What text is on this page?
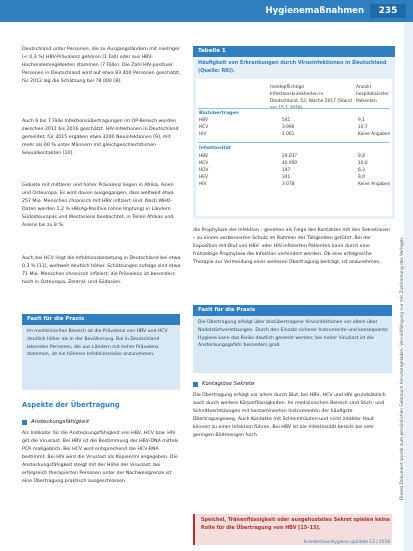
Hygienemaßnahmen	235
Dieses Dokument wurde zum persönlichen Gebrauch heruntergeladen. Vervielfältigung nur mit Zustimmung des Verlages.
Deutschland unter Personen, die zu Ausgangsländern mit niedriger (< 0,3 %) HBV-Prävalenz gehören (1 Fall) oder aus HBV-Hochendemiegebieten stammen (7 Fälle). Die Zahl HIV-positiver Personen in Deutschland wird auf etwa 83 400 Personen geschätzt, für 2012 lag die Schätzung bei 78 000 [8].
Auch 6 bis 7 Fälle Infektionsübertragungen im OP-Bereich wurden zwischen 2011 bis 2016 geschätzt. HIV-Infektionen in Deutschland gemeldet, für 2015 ergaben etwa 3200 Neuinfektionen [9], mit mehr als 60 % unter Männern mit gleichgeschlechtlichen Sexualkontakten [10].
Gebiete mit mittlerer und hoher Prävalenz liegen in Afrika, Asien und Osteuropa. Es wird davon ausgegangen, dass weltweit etwa 257 Mio. Menschen chronisch mit HBV infiziert sind. Nach WHO-Daten werden 1,2 % HBsAg-Positive (ohne Impfung) in Ländern Südosteuropas und Westasiens beobachtet, in Teilen Afrikas und Asiens bis zu 8 %.
Auch bei HCV liegt die Infektionsbelastung in Deutschland bei etwa 0,3 % [11], weltweit deutlich höher. Schätzungen zufolge sind etwa 71 Mio. Menschen chronisch infiziert; die Prävalenz ist besonders hoch in Osteuropa, Zentral- und Südasien.
Fazit für die Praxis
Im medizinischen Bereich ist die Prävalenz von HBV und HCV deutlich höher als in der Bevölkerung. Bei in Deutschland lebenden Personen, die aus Ländern mit hoher Prävalenz stammen, ist ein höheres Infektionsrisiko anzunehmen.
Aspekte der Übertragung
Ansteckungsfähigkeit
Als Indikator für die Ansteckungsfähigkeit von HBV, HCV bzw. HIV gilt die Viruslast. Bei HBV ist die Bestimmung der HBV-DNA mittels PCR maßgeblich. Bei HCV wird entsprechend die HCV-RNA bestimmt. Bei HIV wird die Viruslast als Kopien/ml angegeben. Die Ansteckungsfähigkeit steigt mit der Höhe der Viruslast; bei erfolgreich therapierten Personen unter der Nachweisgrenze ist eine Übertragung praktisch ausgeschlossen.
Tabelle 1
Häufigkeit von Erkrankungen durch Virusinfektionen in Deutschland (Quelle: RKI).
meldepflichtige Infektionskrankheiten in Deutschland, 52. Woche 2017 (Stand am 15.1.2018)
Anzahl hospitalisierter Patienten
Blutübertragen
HBV	541	9,1
HCV	3.996	10,7
HIV	1.061	Keine Angaben
Infektiosität
HBV	29.037	9,8
HCV	40.959	10,0
HDV	147	6,3
HEV	341	9,0
HIV	3.078	Keine Angaben
die Prophylaxe der Infektion – gesehen als Folge des Kontaktes mit den Sekretionen – zu einem verbesserten Schutz im Rahmen der Tätigkeiten geführt. Bei der Exposition mit Blut von HBV- oder HIV-infizierten Patienten kann durch eine frühzeitige Prophylaxe die Infektion verhindert werden. Ob eine erfolgreiche Therapie zur Vermeidung einer weiteren Übertragung beiträgt, ist anzunehmen.
Fazit für die Praxis
Die Übertragung erfolgt über blutübertragene Virusinfektionen vor allem über Nadelstichverletzungen. Durch den Einsatz sicherer Instrumente und konsequente Hygiene kann das Risiko deutlich gesenkt werden; bei hoher Viruslast ist die Ansteckungsgefahr besonders groß.
Kontagiöse Sekrete
Die Übertragung erfolgt vor allem durch Blut, bei HBV, HCV und HIV grundsätzlich auch durch weitere Körperflüssigkeiten. Im medizinischen Bereich sind Stich- und Schnittverletzungen mit kontaminierten Instrumenten der häufigste Übertragungsweg. Auch Kontakte mit Schleimhäuten und nicht intakter Haut können zu einer Infektion führen. Bei HBV ist die Infektiosität bereits bei sehr geringen Blutmengen hoch.
Speichel, Tränenflüssigkeit oder ausgehustetes Sekret spielen keine Rolle für die Übertragung von HBV [15–15].
Krankenhaushygiene up2date 13 | 2018
